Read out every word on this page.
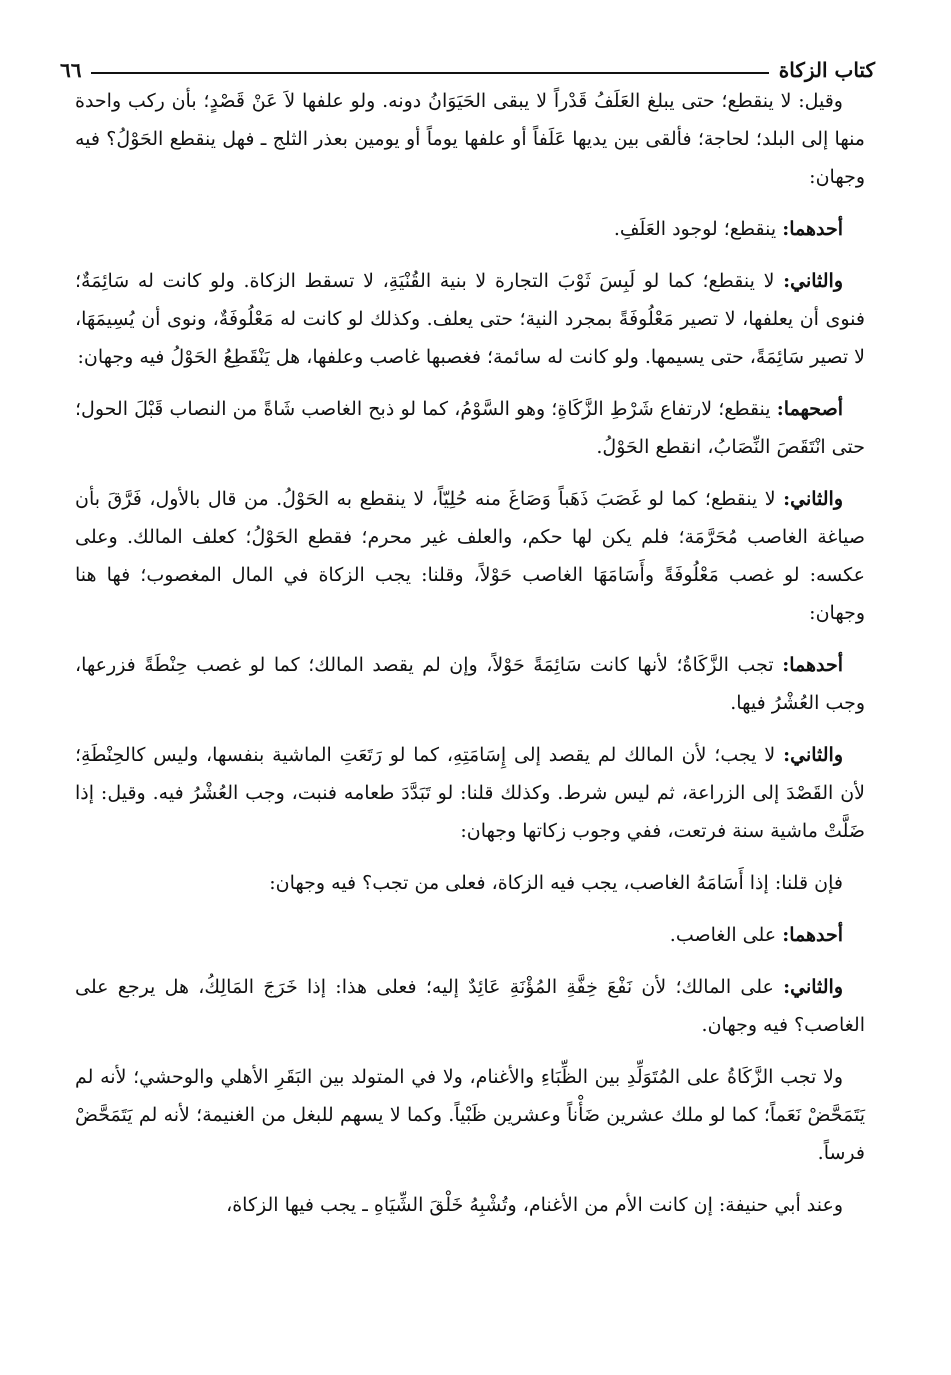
كتاب الزكاة
٦٦

وقيل: لا ينقطع؛ حتى يبلغ العَلَفُ قَدْراً لا يبقى الحَيَوَانُ دونه. ولو علفها لاَ عَنْ قَصْدٍ؛ بأن ركب واحدة منها إلى البلد؛ لحاجة؛ فألقى بين يديها عَلَفاً أو علفها يوماً أو يومين بعذر الثلج ـ فهل ينقطع الحَوْلُ؟ فيه وجهان:

أحدهما: ينقطع؛ لوجود العَلَفِ.

والثاني: لا ينقطع؛ كما لو لَبِسَ ثَوْبَ التجارة لا بنية القُنْيَةِ، لا تسقط الزكاة. ولو كانت له سَائِمَةٌ؛ فنوى أن يعلفها، لا تصير مَعْلُوفَةً بمجرد النية؛ حتى يعلف. وكذلك لو كانت له مَعْلُوفَةٌ، ونوى أن يُسِيمَهَا، لا تصير سَائِمَةً، حتى يسيمها. ولو كانت له سائمة؛ فغصبها غاصب وعلفها، هل يَنْقَطِعُ الحَوْلُ فيه وجهان:

أصحهما: ينقطع؛ لارتفاع شَرْطِ الزَّكَاةِ؛ وهو السَّوْمُ، كما لو ذبح الغاصب شَاةً من النصاب قَبْلَ الحول؛ حتى انْتَقَصَ النِّصَابُ، انقطع الحَوْلُ.

والثاني: لا ينقطع؛ كما لو غَصَبَ ذَهَباً وَصَاغَ منه حُلِيّاً، لا ينقطع به الحَوْلُ. من قال بالأول، فَرَّقَ بأن صياغة الغاصب مُحَرَّمَة؛ فلم يكن لها حكم، والعلف غير محرم؛ فقطع الحَوْلُ؛ كعلف المالك. وعلى عكسه: لو غصب مَعْلُوفَةً وأَسَامَهَا الغاصب حَوْلاً، وقلنا: يجب الزكاة في المال المغصوب؛ فها هنا وجهان:

أحدهما: تجب الزَّكَاةُ؛ لأنها كانت سَائِمَةً حَوْلاً، وإن لم يقصد المالك؛ كما لو غصب حِنْطَةً فزرعها، وجب العُشْرُ فيها.

والثاني: لا يجب؛ لأن المالك لم يقصد إلى إِسَامَتِهِ، كما لو رَتَعَتِ الماشية بنفسها، وليس كالحِنْطَةِ؛ لأن القَصْدَ إلى الزراعة، ثم ليس شرط. وكذلك قلنا: لو تَبَدَّدَ طعامه فنبت، وجب العُشْرُ فيه. وقيل: إذا ضَلَّتْ ماشية سنة فرتعت، ففي وجوب زكاتها وجهان:

فإن قلنا: إذا أَسَامَهُ الغاصب، يجب فيه الزكاة، فعلى من تجب؟ فيه وجهان:

أحدهما: على الغاصب.

والثاني: على المالك؛ لأن نَفْعَ خِفَّةِ المُؤْنَةِ عَائِدٌ إليه؛ فعلى هذا: إذا خَرَجَ المَالِكُ، هل يرجع على الغاصب؟ فيه وجهان.

ولا تجب الزَّكَاةُ على المُتَوَلِّدِ بين الظِّبَاءِ والأغنام، ولا في المتولد بين البَقَرِ الأهلي والوحشي؛ لأنه لم يَتَمَحَّضْ نَعَماً؛ كما لو ملك عشرين ضَأْناً وعشرين ظَبْياً. وكما لا يسهم للبغل من الغنيمة؛ لأنه لم يَتَمَحَّضْ فرساً.

وعند أبي حنيفة: إن كانت الأم من الأغنام، وتُشْبِهُ خَلْقَ الشِّيَاهِ ـ يجب فيها الزكاة،
